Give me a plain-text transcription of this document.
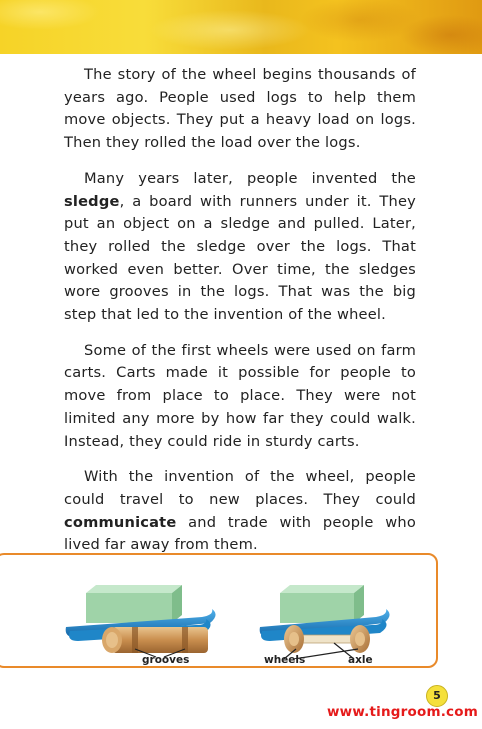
The story of the wheel begins thousands of years ago. People used logs to help them move objects. They put a heavy load on logs. Then they rolled the load over the logs.

Many years later, people invented the sledge, a board with runners under it. They put an object on a sledge and pulled. Later, they rolled the sledge over the logs. That worked even better. Over time, the sledges wore grooves in the logs. That was the big step that led to the invention of the wheel.

Some of the first wheels were used on farm carts. Carts made it possible for people to move from place to place. They were not limited any more by how far they could walk. Instead, they could ride in sturdy carts.

With the invention of the wheel, people could travel to new places. They could communicate and trade with people who lived far away from them.

grooves	wheels	axle
5
www.tingroom.com
